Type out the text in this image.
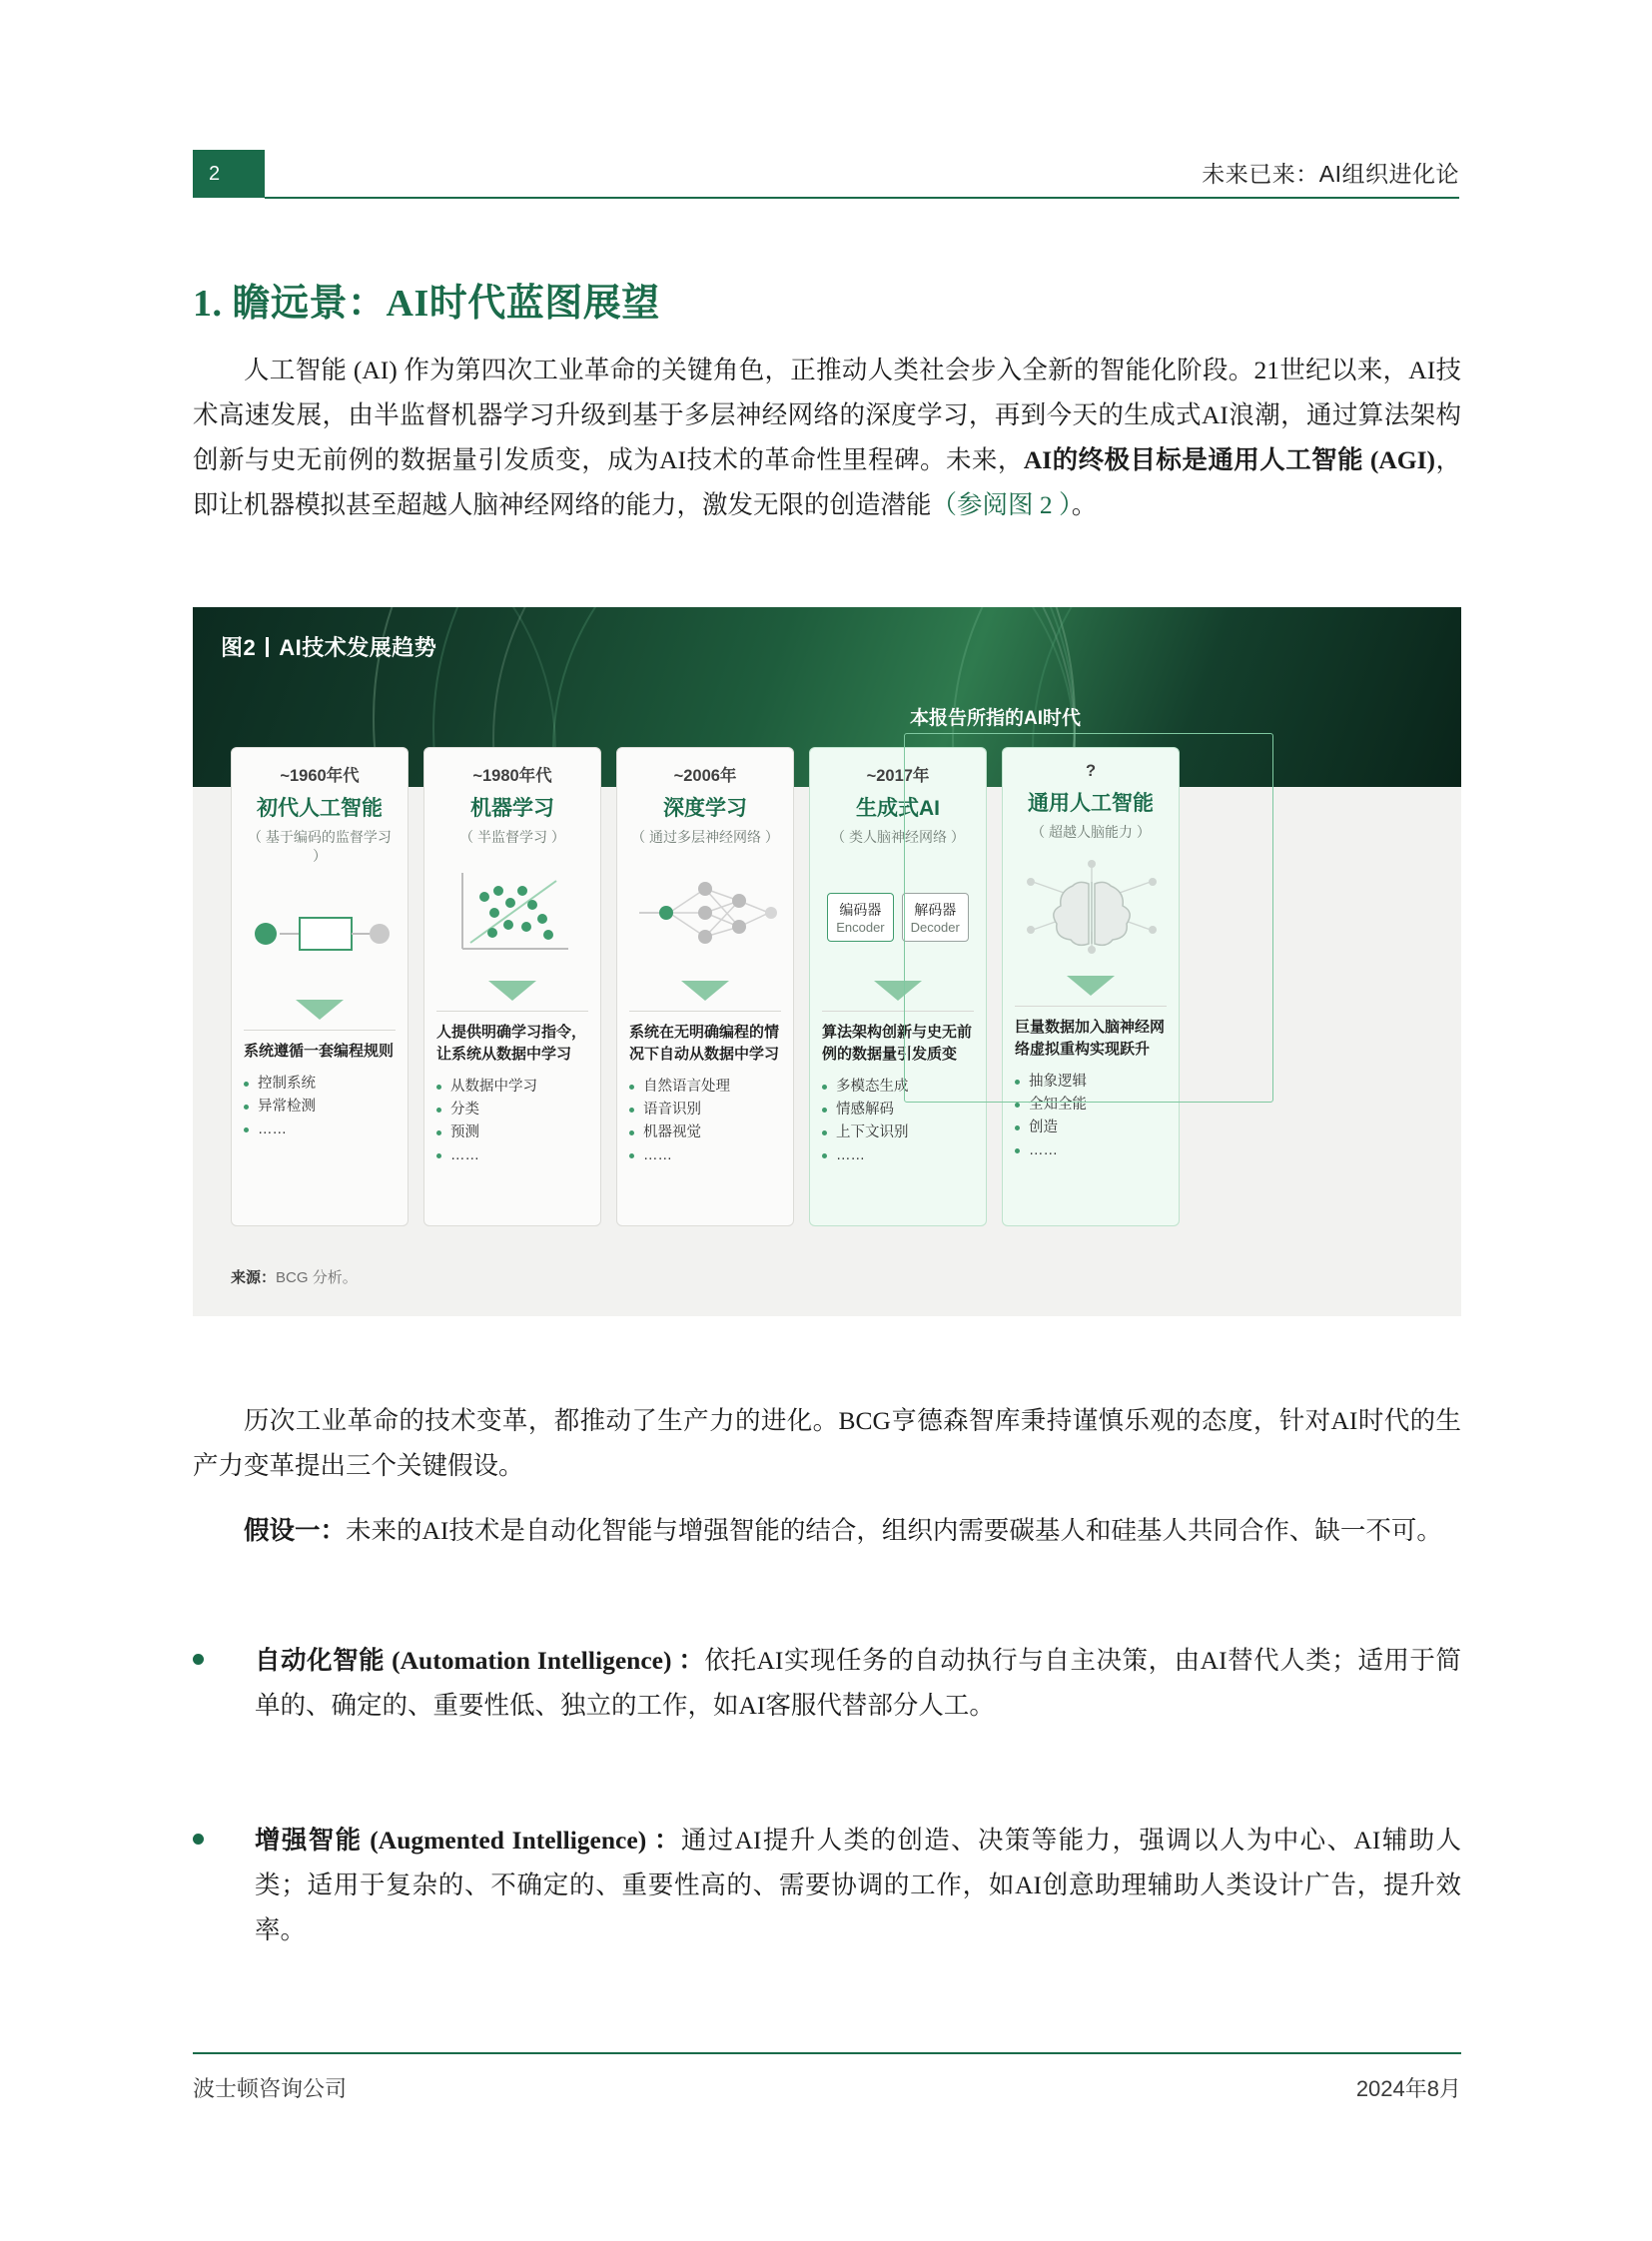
2	未来已来：AI组织进化论
1. 瞻远景：AI时代蓝图展望
人工智能 (AI) 作为第四次工业革命的关键角色，正推动人类社会步入全新的智能化阶段。21世纪以来，AI技术高速发展，由半监督机器学习升级到基于多层神经网络的深度学习，再到今天的生成式AI浪潮，通过算法架构创新与史无前例的数据量引发质变，成为AI技术的革命性里程碑。未来，AI的终极目标是通用人工智能 (AGI)，即让机器模拟甚至超越人脑神经网络的能力，激发无限的创造潜能（参阅图 2 ）。
图2 AI技术发展趋势
本报告所指的AI时代
~1960年代
初代人工智能
（ 基于编码的监督学习 ）
系统遵循一套编程规则
控制系统
异常检测
……
~1980年代
机器学习
（ 半监督学习 ）
人提供明确学习指令，让系统从数据中学习
从数据中学习
分类
预测
……
~2006年
深度学习
（ 通过多层神经网络 ）
系统在无明确编程的情况下自动从数据中学习
自然语言处理
语音识别
机器视觉
……
~2017年
生成式AI
（ 类人脑神经网络 ）
编码器
Encoder
解码器
Decoder
算法架构创新与史无前例的数据量引发质变
多模态生成
情感解码
上下文识别
……
?
通用人工智能
（ 超越人脑能力 ）
巨量数据加入脑神经网络虚拟重构实现跃升
抽象逻辑
全知全能
创造
……
来源：BCG 分析。
历次工业革命的技术变革，都推动了生产力的进化。BCG亨德森智库秉持谨慎乐观的态度，针对AI时代的生产力变革提出三个关键假设。
假设一：未来的AI技术是自动化智能与增强智能的结合，组织内需要碳基人和硅基人共同合作、缺一不可。
自动化智能 (Automation Intelligence) ：依托AI实现任务的自动执行与自主决策，由AI替代人类；适用于简单的、确定的、重要性低、独立的工作，如AI客服代替部分人工。
增强智能 (Augmented Intelligence) ：通过AI提升人类的创造、决策等能力，强调以人为中心、AI辅助人类；适用于复杂的、不确定的、重要性高的、需要协调的工作，如AI创意助理辅助人类设计广告，提升效率。
波士顿咨询公司	2024年8月
